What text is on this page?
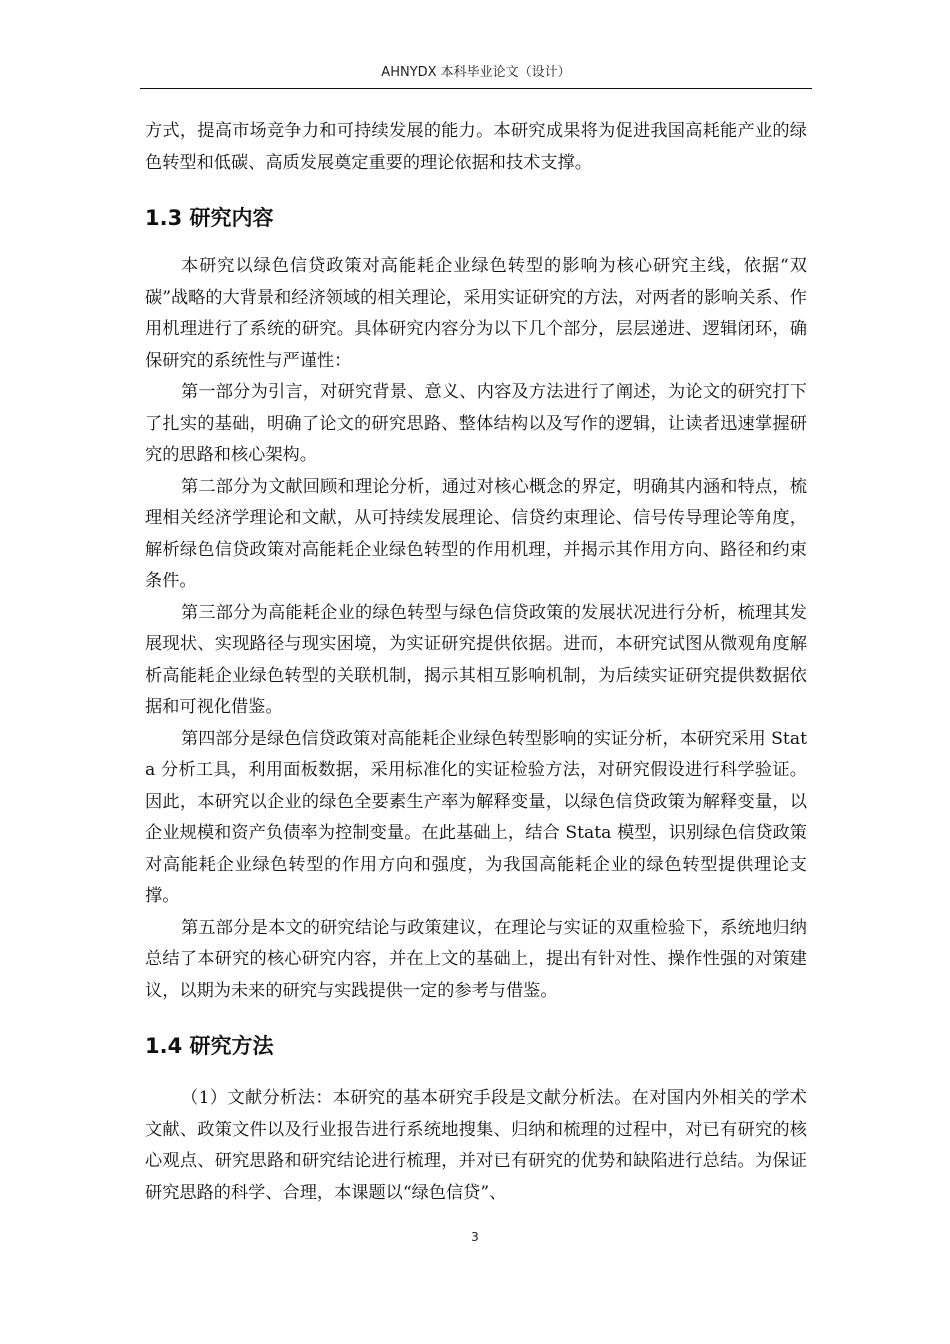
AHNYDX 本科毕业论文（设计）

方式，提高市场竞争力和可持续发展的能力。本研究成果将为促进我国高耗能产业的绿色转型和低碳、高质发展奠定重要的理论依据和技术支撑。

1.3 研究内容

本研究以绿色信贷政策对高能耗企业绿色转型的影响为核心研究主线，依据“双碳”战略的大背景和经济领域的相关理论，采用实证研究的方法，对两者的影响关系、作用机理进行了系统的研究。具体研究内容分为以下几个部分，层层递进、逻辑闭环，确保研究的系统性与严谨性：

第一部分为引言，对研究背景、意义、内容及方法进行了阐述，为论文的研究打下了扎实的基础，明确了论文的研究思路、整体结构以及写作的逻辑，让读者迅速掌握研究的思路和核心架构。

第二部分为文献回顾和理论分析，通过对核心概念的界定，明确其内涵和特点，梳理相关经济学理论和文献，从可持续发展理论、信贷约束理论、信号传导理论等角度，解析绿色信贷政策对高能耗企业绿色转型的作用机理，并揭示其作用方向、路径和约束条件。

第三部分为高能耗企业的绿色转型与绿色信贷政策的发展状况进行分析，梳理其发展现状、实现路径与现实困境，为实证研究提供依据。进而，本研究试图从微观角度解析高能耗企业绿色转型的关联机制，揭示其相互影响机制，为后续实证研究提供数据依据和可视化借鉴。

第四部分是绿色信贷政策对高能耗企业绿色转型影响的实证分析，本研究采用 Stata 分析工具，利用面板数据，采用标准化的实证检验方法，对研究假设进行科学验证。因此，本研究以企业的绿色全要素生产率为解释变量，以绿色信贷政策为解释变量，以企业规模和资产负债率为控制变量。在此基础上，结合 Stata 模型，识别绿色信贷政策对高能耗企业绿色转型的作用方向和强度，为我国高能耗企业的绿色转型提供理论支撑。

第五部分是本文的研究结论与政策建议，在理论与实证的双重检验下，系统地归纳总结了本研究的核心研究内容，并在上文的基础上，提出有针对性、操作性强的对策建议，以期为未来的研究与实践提供一定的参考与借鉴。

1.4 研究方法

（1）文献分析法：本研究的基本研究手段是文献分析法。在对国内外相关的学术文献、政策文件以及行业报告进行系统地搜集、归纳和梳理的过程中，对已有研究的核心观点、研究思路和研究结论进行梳理，并对已有研究的优势和缺陷进行总结。为保证研究思路的科学、合理，本课题以“绿色信贷”、

3
